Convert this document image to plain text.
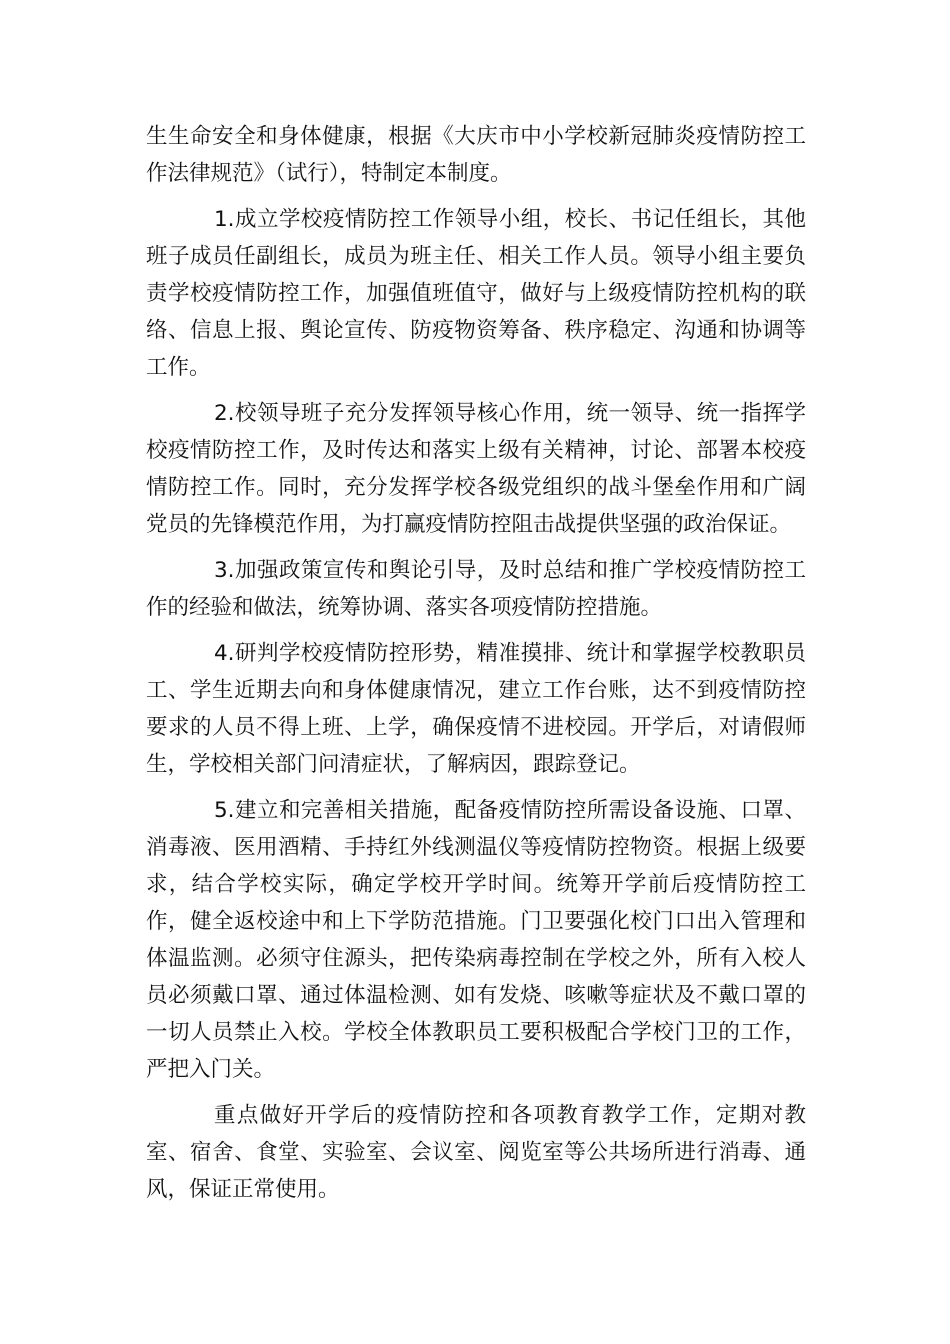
生生命安全和身体健康，根据《大庆市中小学校新冠肺炎疫情防控工作法律规范》（试行），特制定本制度。

1.成立学校疫情防控工作领导小组，校长、书记任组长，其他班子成员任副组长，成员为班主任、相关工作人员。领导小组主要负责学校疫情防控工作，加强值班值守，做好与上级疫情防控机构的联络、信息上报、舆论宣传、防疫物资筹备、秩序稳定、沟通和协调等工作。

2.校领导班子充分发挥领导核心作用，统一领导、统一指挥学校疫情防控工作，及时传达和落实上级有关精神，讨论、部署本校疫情防控工作。同时，充分发挥学校各级党组织的战斗堡垒作用和广阔党员的先锋模范作用，为打赢疫情防控阻击战提供坚强的政治保证。

3.加强政策宣传和舆论引导，及时总结和推广学校疫情防控工作的经验和做法，统筹协调、落实各项疫情防控措施。

4.研判学校疫情防控形势，精准摸排、统计和掌握学校教职员工、学生近期去向和身体健康情况，建立工作台账，达不到疫情防控要求的人员不得上班、上学，确保疫情不进校园。开学后，对请假师生，学校相关部门问清症状，了解病因，跟踪登记。

5.建立和完善相关措施，配备疫情防控所需设备设施、口罩、消毒液、医用酒精、手持红外线测温仪等疫情防控物资。根据上级要求，结合学校实际，确定学校开学时间。统筹开学前后疫情防控工作，健全返校途中和上下学防范措施。门卫要强化校门口出入管理和体温监测。必须守住源头，把传染病毒控制在学校之外，所有入校人员必须戴口罩、通过体温检测、如有发烧、咳嗽等症状及不戴口罩的一切人员禁止入校。学校全体教职员工要积极配合学校门卫的工作，严把入门关。

重点做好开学后的疫情防控和各项教育教学工作，定期对教室、宿舍、食堂、实验室、会议室、阅览室等公共场所进行消毒、通风，保证正常使用。
